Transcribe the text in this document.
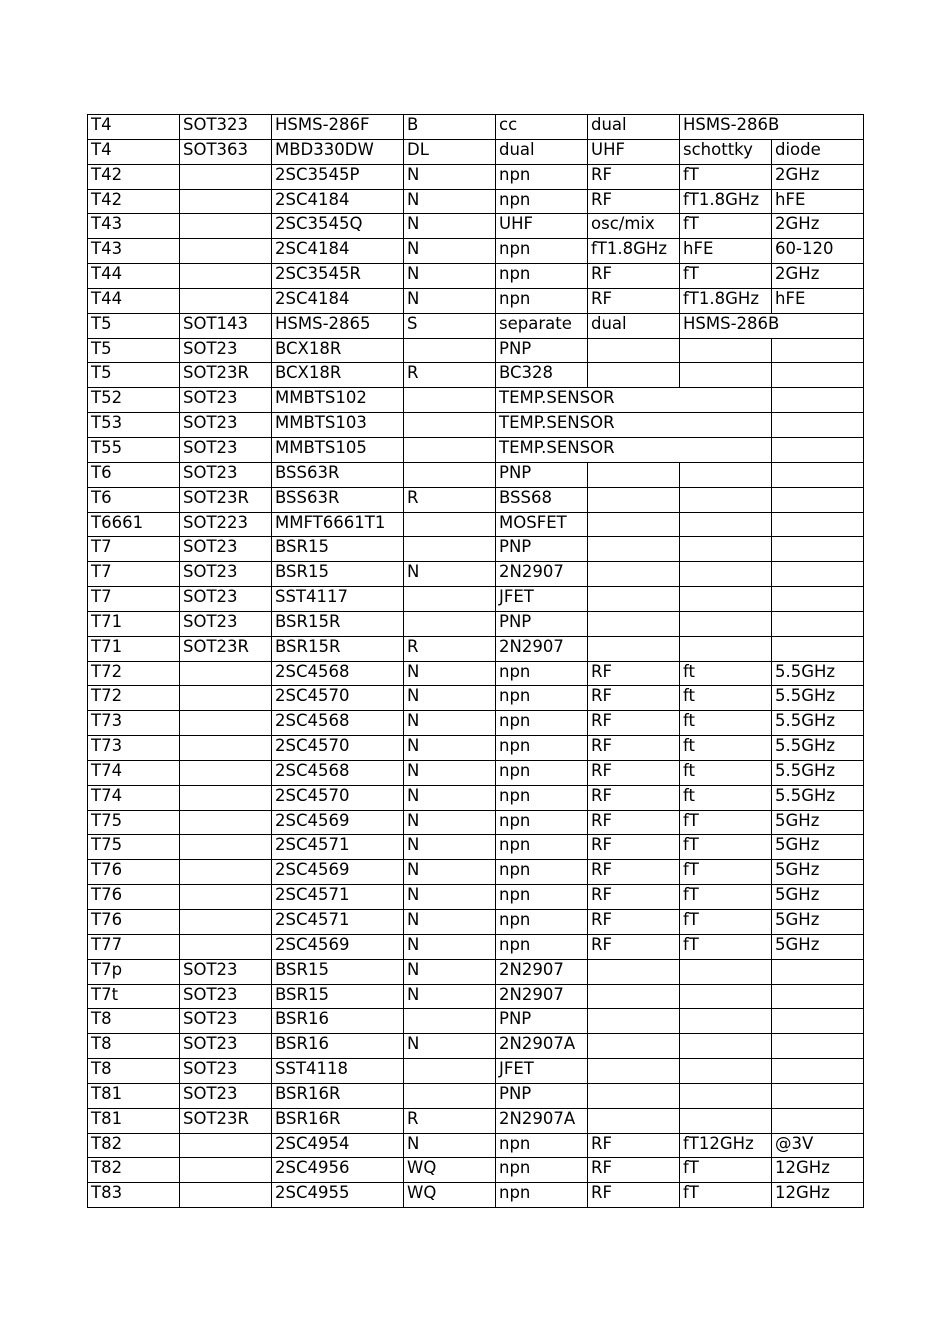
T4	SOT323	HSMS-286F	B	cc	dual	HSMS-286B	
T4	SOT363	MBD330DW	DL	dual	UHF	schottky	diode
T42		2SC3545P	N	npn	RF	fT	2GHz
T42		2SC4184	N	npn	RF	fT1.8GHz	hFE
T43		2SC3545Q	N	UHF	osc/mix	fT	2GHz
T43		2SC4184	N	npn	fT1.8GHz	hFE	60-120
T44		2SC3545R	N	npn	RF	fT	2GHz
T44		2SC4184	N	npn	RF	fT1.8GHz	hFE
T5	SOT143	HSMS-2865	S	separate	dual	HSMS-286B	
T5	SOT23	BCX18R		PNP			
T5	SOT23R	BCX18R	R	BC328			
T52	SOT23	MMBTS102		TEMP.SENSOR			
T53	SOT23	MMBTS103		TEMP.SENSOR			
T55	SOT23	MMBTS105		TEMP.SENSOR			
T6	SOT23	BSS63R		PNP			
T6	SOT23R	BSS63R	R	BSS68			
T6661	SOT223	MMFT6661T1		MOSFET			
T7	SOT23	BSR15		PNP			
T7	SOT23	BSR15	N	2N2907			
T7	SOT23	SST4117		JFET			
T71	SOT23	BSR15R		PNP			
T71	SOT23R	BSR15R	R	2N2907			
T72		2SC4568	N	npn	RF	ft	5.5GHz
T72		2SC4570	N	npn	RF	ft	5.5GHz
T73		2SC4568	N	npn	RF	ft	5.5GHz
T73		2SC4570	N	npn	RF	ft	5.5GHz
T74		2SC4568	N	npn	RF	ft	5.5GHz
T74		2SC4570	N	npn	RF	ft	5.5GHz
T75		2SC4569	N	npn	RF	fT	5GHz
T75		2SC4571	N	npn	RF	fT	5GHz
T76		2SC4569	N	npn	RF	fT	5GHz
T76		2SC4571	N	npn	RF	fT	5GHz
T76		2SC4571	N	npn	RF	fT	5GHz
T77		2SC4569	N	npn	RF	fT	5GHz
T7p	SOT23	BSR15	N	2N2907			
T7t	SOT23	BSR15	N	2N2907			
T8	SOT23	BSR16		PNP			
T8	SOT23	BSR16	N	2N2907A			
T8	SOT23	SST4118		JFET			
T81	SOT23	BSR16R		PNP			
T81	SOT23R	BSR16R	R	2N2907A			
T82		2SC4954	N	npn	RF	fT12GHz	@3V
T82		2SC4956	WQ	npn	RF	fT	12GHz
T83		2SC4955	WQ	npn	RF	fT	12GHz
